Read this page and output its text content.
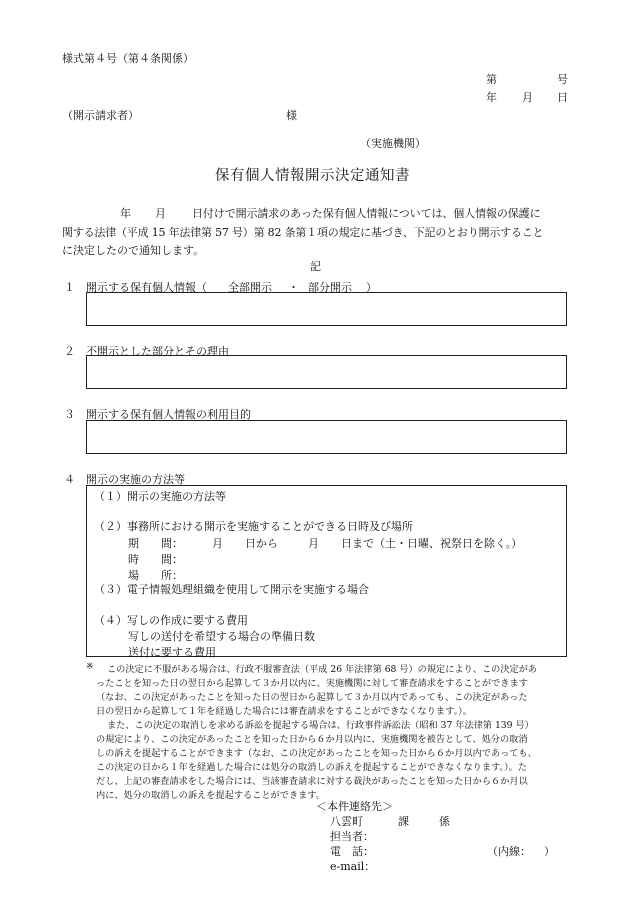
様式第４号（第４条関係）
第	号
年 月 日
（開示請求者）	様
（実施機関）
保有個人情報開示決定通知書
年 月 日付けで開示請求のあった保有個人情報については、個人情報の保護に
関する法律（平成 15 年法律第 57 号）第 82 条第１項の規定に基づき、下記のとおり開示すること
に決定したので通知します。
記
１ 開示する保有個人情報（ 全部開示 ・ 部分開示 ）
２ 不開示とした部分とその理由
３ 開示する保有個人情報の利用目的
４ 開示の実施の方法等
（１）開示の実施の方法等
（２）事務所における開示を実施することができる日時及び場所
期　　間：	月 日から	月 日まで（土・日曜、祝祭日を除く。）
時　　間：
場　　所：
（３）電子情報処理組織を使用して開示を実施する場合
（４）写しの作成に要する費用
写しの送付を希望する場合の準備日数
送付に要する費用
※ この決定に不服がある場合は、行政不服審査法（平成 26 年法律第 68 号）の規定により、この決定があ
ったことを知った日の翌日から起算して３か月以内に、実施機関に対して審査請求をすることができます
（なお、この決定があったことを知った日の翌日から起算して３か月以内であっても、この決定があった
日の翌日から起算して１年を経過した場合には審査請求をすることができなくなります。）。
また、この決定の取消しを求める訴訟を提起する場合は、行政事件訴訟法（昭和 37 年法律第 139 号）
の規定により、この決定があったことを知った日から６か月以内に、実施機関を被告として、処分の取消
しの訴えを提起することができます（なお、この決定があったことを知った日から６か月以内であっても、
この決定の日から１年を経過した場合には処分の取消しの訴えを提起することができなくなります。）。た
だし、上記の審査請求をした場合には、当該審査請求に対する裁決があったことを知った日から６か月以
内に、処分の取消しの訴えを提起することができます。
＜本件連絡先＞
八雲町	課	係
担当者：
電　話：	（内線： ）
e-mail：
